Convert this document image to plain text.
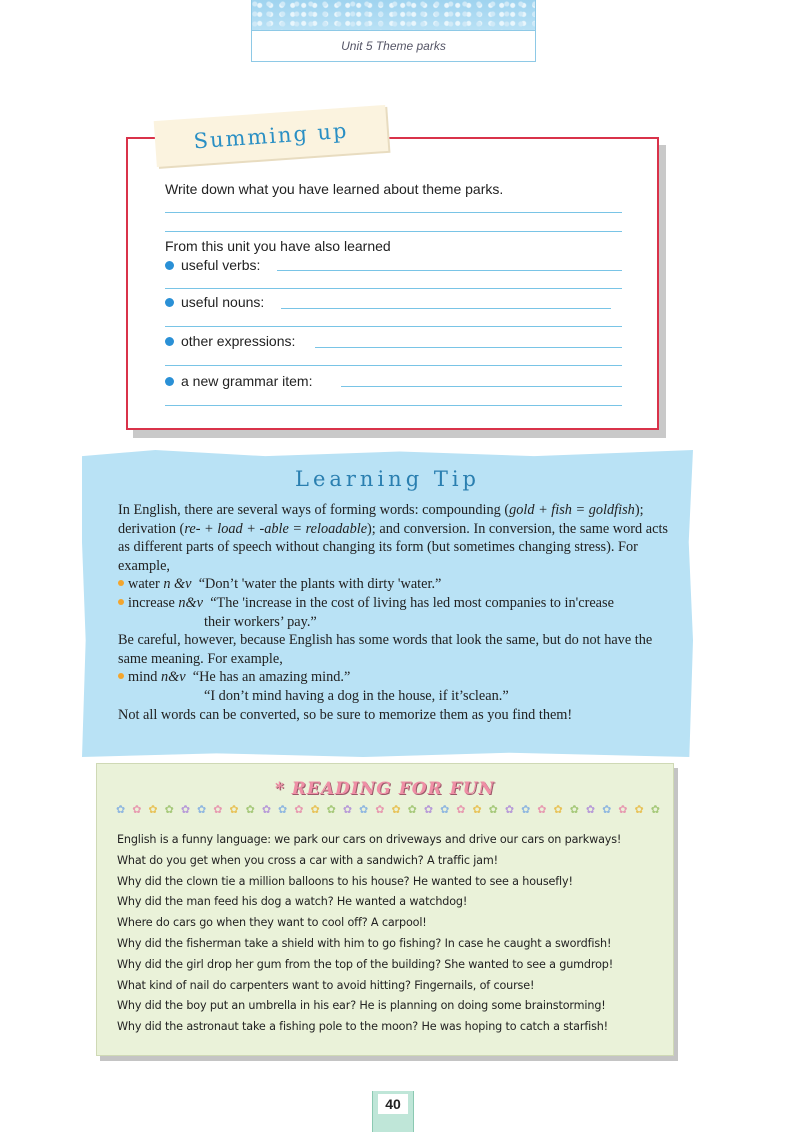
Unit 5 Theme parks
Summing up
Write down what you have learned about theme parks.
From this unit you have also learned
useful verbs:
useful nouns:
other expressions:
a new grammar item:
Learning Tip

In English, there are several ways of forming words: compounding (gold + fish = goldfish); derivation (re- + load + -able = reloadable); and conversion. In conversion, the same word acts as different parts of speech without changing its form (but sometimes changing stress). For example,

water n &v “Don’t 'water the plants with dirty 'water.”

increase n&v “The 'increase in the cost of living has led most companies to in'crease

their workers’ pay.”

Be careful, however, because English has some words that look the same, but do not have the same meaning. For example,

mind n&v “He has an amazing mind.”

“I don’t mind having a dog in the house, if it’sclean.”

Not all words can be converted, so be sure to memorize them as you find them!

* READING FOR FUN
✿ ✿ ✿ ✿ ✿ ✿ ✿ ✿ ✿ ✿ ✿ ✿ ✿ ✿ ✿ ✿ ✿ ✿ ✿ ✿ ✿ ✿ ✿ ✿ ✿ ✿ ✿ ✿ ✿ ✿ ✿ ✿ ✿ ✿
English is a funny language: we park our cars on driveways and drive our cars on parkways!
What do you get when you cross a car with a sandwich? A traffic jam!
Why did the clown tie a million balloons to his house? He wanted to see a housefly!
Why did the man feed his dog a watch? He wanted a watchdog!
Where do cars go when they want to cool off? A carpool!
Why did the fisherman take a shield with him to go fishing? In case he caught a swordfish!
Why did the girl drop her gum from the top of the building? She wanted to see a gumdrop!
What kind of nail do carpenters want to avoid hitting? Fingernails, of course!
Why did the boy put an umbrella in his ear? He is planning on doing some brainstorming!
Why did the astronaut take a fishing pole to the moon? He was hoping to catch a starfish!
40
